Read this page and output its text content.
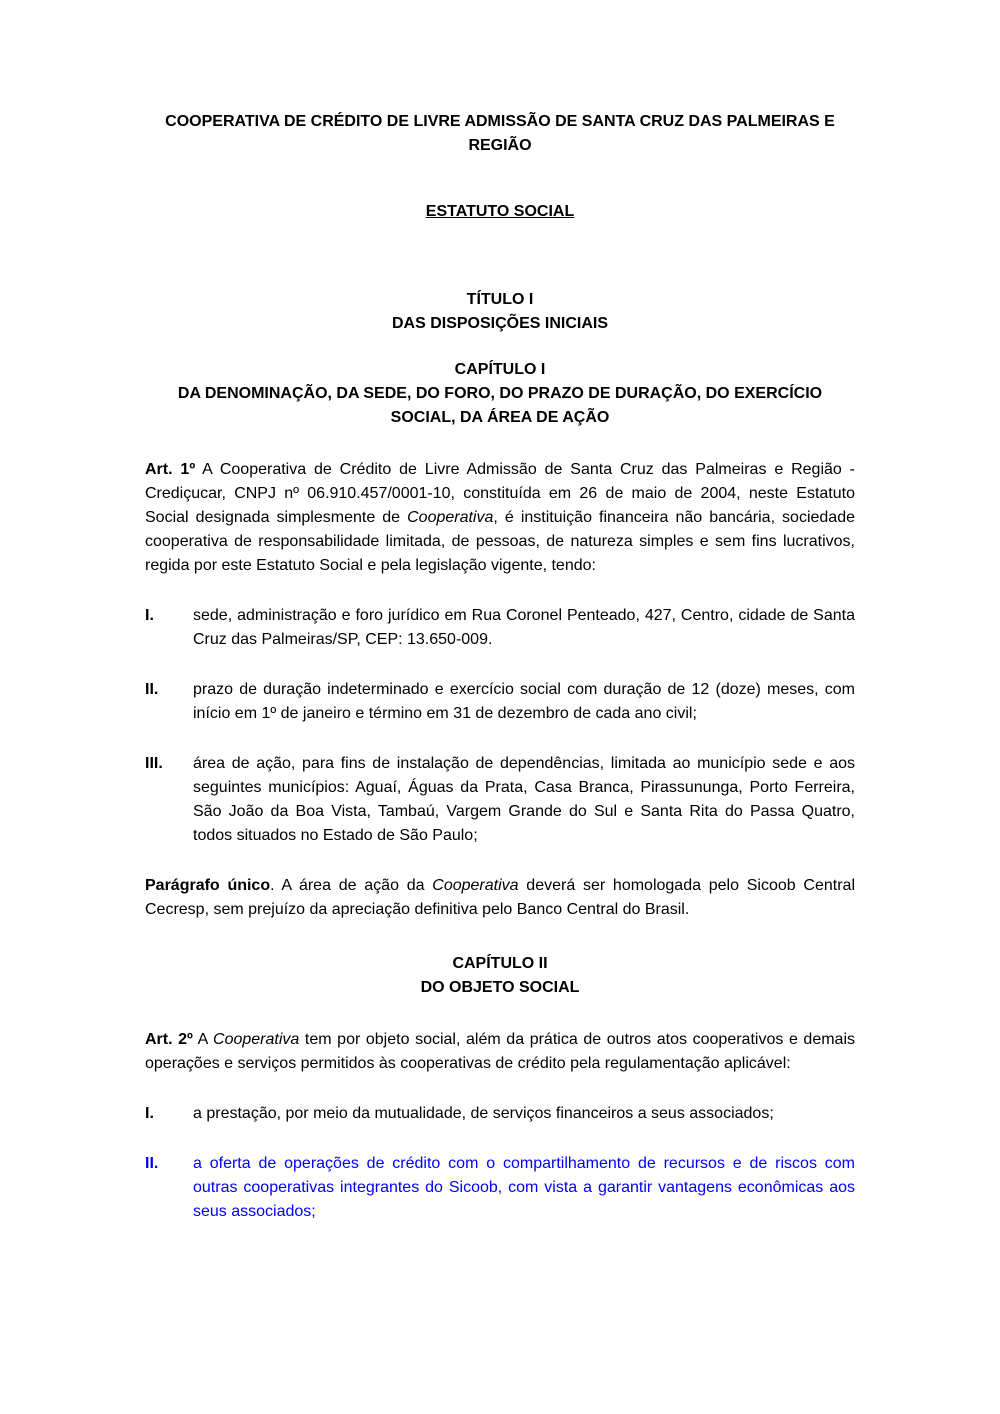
COOPERATIVA DE CRÉDITO DE LIVRE ADMISSÃO DE SANTA CRUZ DAS PALMEIRAS E REGIÃO
ESTATUTO SOCIAL
TÍTULO I
DAS DISPOSIÇÕES INICIAIS
CAPÍTULO I
DA DENOMINAÇÃO, DA SEDE, DO FORO, DO PRAZO DE DURAÇÃO, DO EXERCÍCIO SOCIAL, DA ÁREA DE AÇÃO

Art. 1º A Cooperativa de Crédito de Livre Admissão de Santa Cruz das Palmeiras e Região - Crediçucar, CNPJ nº 06.910.457/0001-10, constituída em 26 de maio de 2004, neste Estatuto Social designada simplesmente de Cooperativa, é instituição financeira não bancária, sociedade cooperativa de responsabilidade limitada, de pessoas, de natureza simples e sem fins lucrativos, regida por este Estatuto Social e pela legislação vigente, tendo:

I.	sede, administração e foro jurídico em Rua Coronel Penteado, 427, Centro, cidade de Santa Cruz das Palmeiras/SP, CEP: 13.650-009.
II.	prazo de duração indeterminado e exercício social com duração de 12 (doze) meses, com início em 1º de janeiro e término em 31 de dezembro de cada ano civil;
III.	área de ação, para fins de instalação de dependências, limitada ao município sede e aos seguintes municípios: Aguaí, Águas da Prata, Casa Branca, Pirassununga, Porto Ferreira, São João da Boa Vista, Tambaú, Vargem Grande do Sul e Santa Rita do Passa Quatro, todos situados no Estado de São Paulo;

Parágrafo único. A área de ação da Cooperativa deverá ser homologada pelo Sicoob Central Cecresp, sem prejuízo da apreciação definitiva pelo Banco Central do Brasil.

CAPÍTULO II
DO OBJETO SOCIAL

Art. 2º A Cooperativa tem por objeto social, além da prática de outros atos cooperativos e demais operações e serviços permitidos às cooperativas de crédito pela regulamentação aplicável:

I.	a prestação, por meio da mutualidade, de serviços financeiros a seus associados;
II.	a oferta de operações de crédito com o compartilhamento de recursos e de riscos com outras cooperativas integrantes do Sicoob, com vista a garantir vantagens econômicas aos seus associados;
